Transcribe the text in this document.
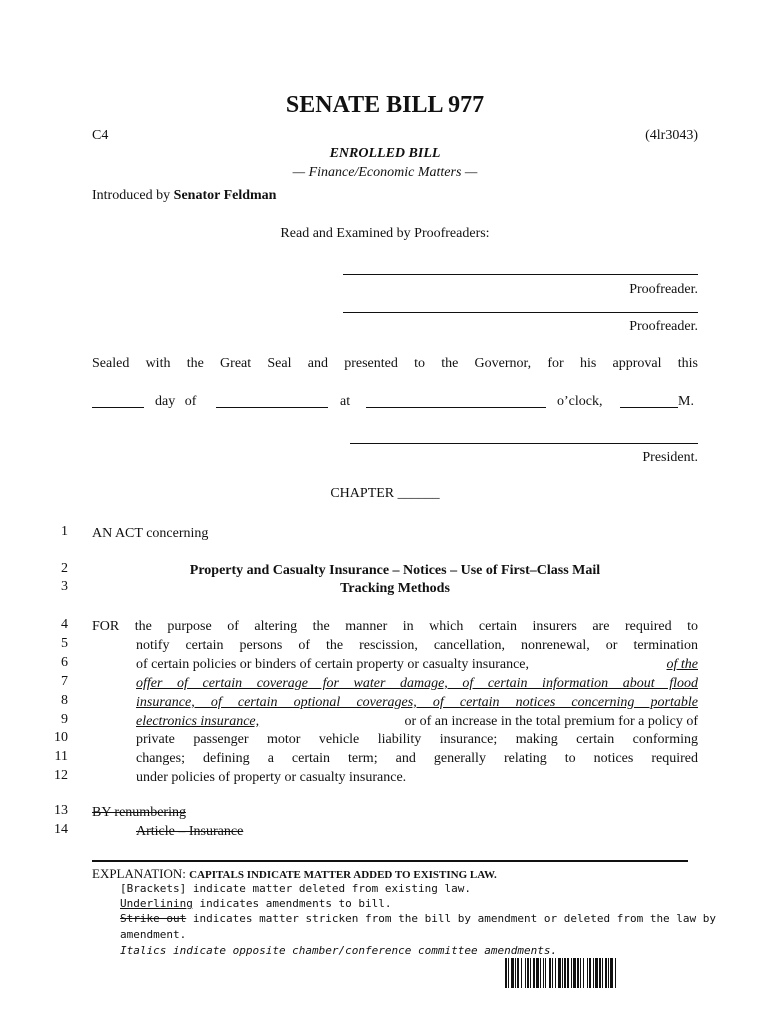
SENATE BILL 977
C4	(4lr3043)
ENROLLED BILL
— Finance/Economic Matters —
Introduced by Senator Feldman
Read and Examined by Proofreaders:
Proofreader.
Proofreader.
Sealed with the Great Seal and presented to the Governor, for his approval this
day of	at	o’clock,	M.
President.
CHAPTER ______
1
2
3
4
5
6
7
8
9
10
11
12
13
14
AN ACT concerning
Property and Casualty Insurance – Notices – Use of First–Class Mail
Tracking Methods
FOR the purpose of altering the manner in which certain insurers are required to
notify certain persons of the rescission, cancellation, nonrenewal, or termination
of certain policies or binders of certain property or casualty insurance,	of the
offer of certain coverage for water damage, of certain information about flood
insurance, of certain optional coverages, of certain notices concerning portable
electronics insurance,	or of an increase in the total premium for a policy of
private passenger motor vehicle liability insurance; making certain conforming
changes; defining a certain term; and generally relating to notices required
under policies of property or casualty insurance.
BY renumbering
Article – Insurance
EXPLANATION: CAPITALS INDICATE MATTER ADDED TO EXISTING LAW.
[Brackets] indicate matter deleted from existing law.
Underlining indicates amendments to bill.
Strike out indicates matter stricken from the bill by amendment or deleted from the law by
amendment.
Italics indicate opposite chamber/conference committee amendments.
